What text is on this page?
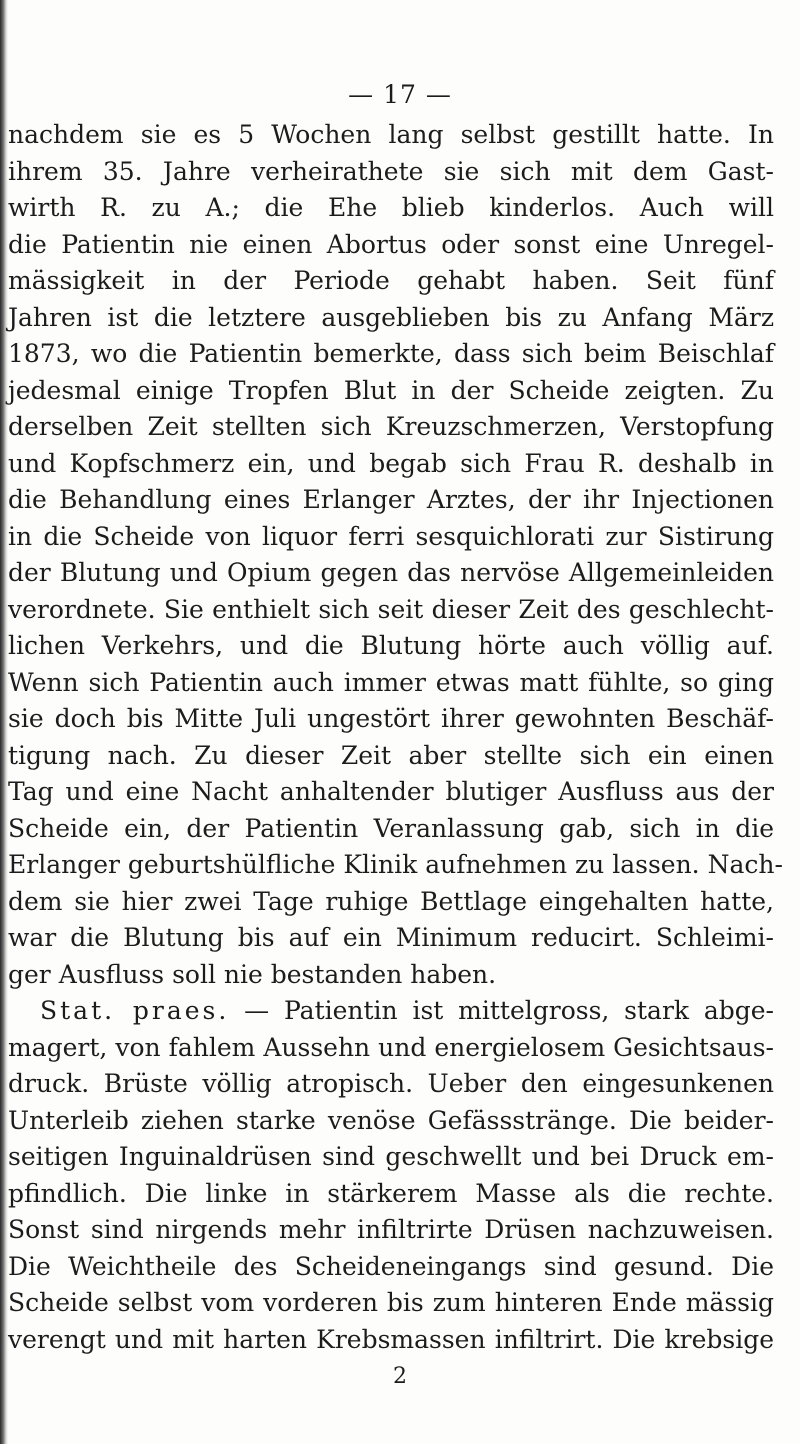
— 17 —
nachdem sie es 5 Wochen lang selbst gestillt hatte. In
ihrem 35. Jahre verheirathete sie sich mit dem Gast-
wirth R. zu A.; die Ehe blieb kinderlos. Auch will
die Patientin nie einen Abortus oder sonst eine Unregel-
mässigkeit in der Periode gehabt haben. Seit fünf
Jahren ist die letztere ausgeblieben bis zu Anfang März
1873, wo die Patientin bemerkte, dass sich beim Beischlaf
jedesmal einige Tropfen Blut in der Scheide zeigten. Zu
derselben Zeit stellten sich Kreuzschmerzen, Verstopfung
und Kopfschmerz ein, und begab sich Frau R. deshalb in
die Behandlung eines Erlanger Arztes, der ihr Injectionen
in die Scheide von liquor ferri sesquichlorati zur Sistirung
der Blutung und Opium gegen das nervöse Allgemeinleiden
verordnete. Sie enthielt sich seit dieser Zeit des geschlecht-
lichen Verkehrs, und die Blutung hörte auch völlig auf.
Wenn sich Patientin auch immer etwas matt fühlte, so ging
sie doch bis Mitte Juli ungestört ihrer gewohnten Beschäf-
tigung nach. Zu dieser Zeit aber stellte sich ein einen
Tag und eine Nacht anhaltender blutiger Ausfluss aus der
Scheide ein, der Patientin Veranlassung gab, sich in die
Erlanger geburtshülfliche Klinik aufnehmen zu lassen. Nach-
dem sie hier zwei Tage ruhige Bettlage eingehalten hatte,
war die Blutung bis auf ein Minimum reducirt. Schleimi-
ger Ausfluss soll nie bestanden haben.
Stat. praes. — Patientin ist mittelgross, stark abge-
magert, von fahlem Aussehn und energielosem Gesichtsaus-
druck. Brüste völlig atropisch. Ueber den eingesunkenen
Unterleib ziehen starke venöse Gefässstränge. Die beider-
seitigen Inguinaldrüsen sind geschwellt und bei Druck em-
pfindlich. Die linke in stärkerem Masse als die rechte.
Sonst sind nirgends mehr infiltrirte Drüsen nachzuweisen.
Die Weichtheile des Scheideneingangs sind gesund. Die
Scheide selbst vom vorderen bis zum hinteren Ende mässig
verengt und mit harten Krebsmassen infiltrirt. Die krebsige
2
